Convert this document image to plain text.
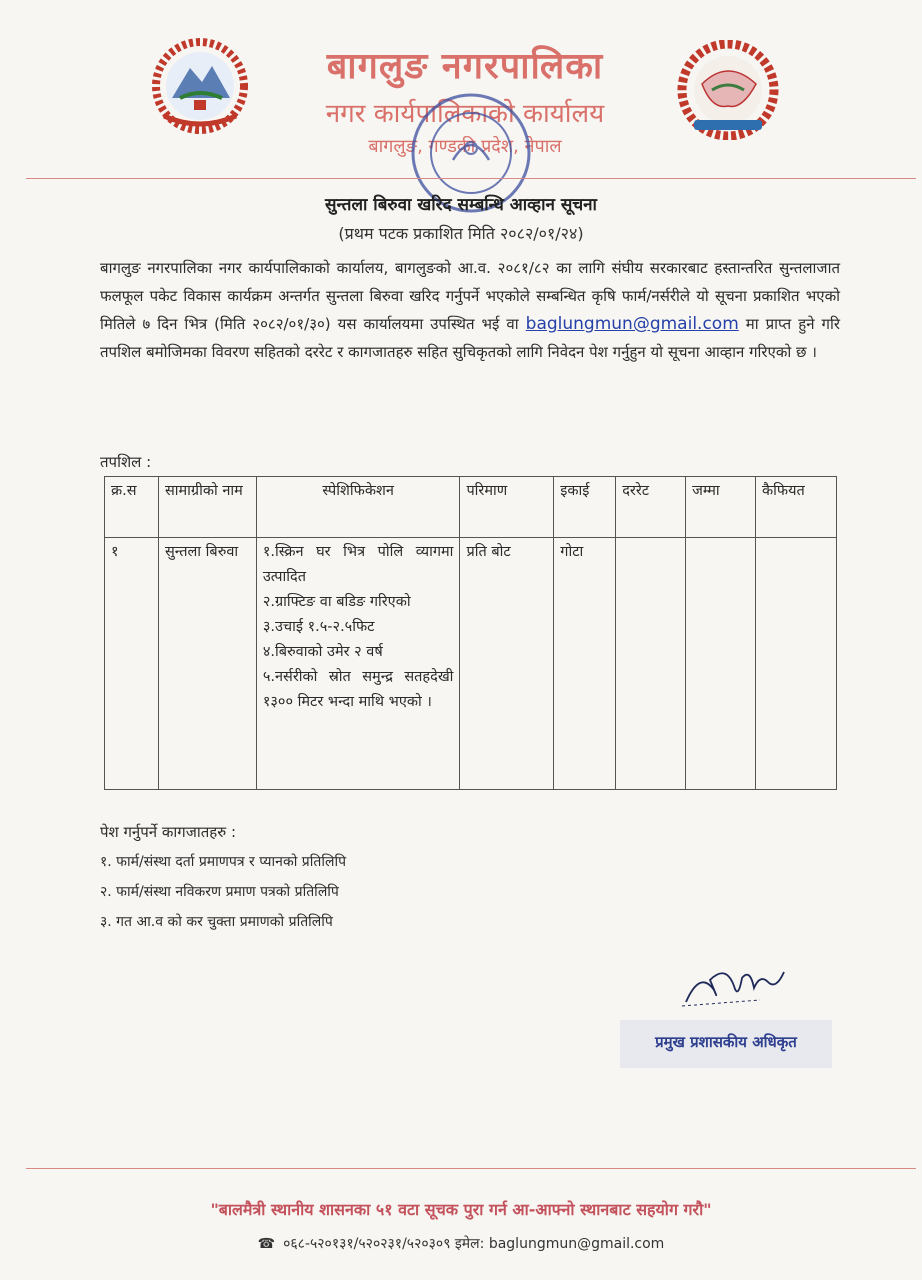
बागलुङ नगरपालिका
नगर कार्यपालिकाको कार्यालय
बागलुङ, गण्डकी प्रदेश, नेपाल
सुन्तला बिरुवा खरिद सम्बन्धि आव्हान सूचना
(प्रथम पटक प्रकाशित मिति २०८२/०१/२४)
बागलुङ नगरपालिका नगर कार्यपालिकाको कार्यालय, बागलुङको आ.व. २०८१/८२ का लागि संघीय सरकारबाट हस्तान्तरित सुन्तलाजात फलफूल पकेट विकास कार्यक्रम अन्तर्गत सुन्तला बिरुवा खरिद गर्नुपर्ने भएकोले सम्बन्धित कृषि फार्म/नर्सरीले यो सूचना प्रकाशित भएको मितिले ७ दिन भित्र (मिति २०८२/०१/३०) यस कार्यालयमा उपस्थित भई वा baglungmun@gmail.com मा प्राप्त हुने गरि तपशिल बमोजिमका विवरण सहितको दररेट र कागजातहरु सहित सुचिकृतको लागि निवेदन पेश गर्नुहुन यो सूचना आव्हान गरिएको छ ।
तपशिल :
क्र.स	सामाग्रीको नाम	स्पेशिफिकेशन	परिमाण	इकाई	दररेट	जम्मा	कैफियत
१	सुन्तला बिरुवा	१.स्क्रिन घर भित्र पोलि व्यागमा उत्पादित
२.ग्राफ्टिङ वा बडिङ गरिएको
३.उचाई १.५-२.५फिट
४.बिरुवाको उमेर २ वर्ष
५.नर्सरीको स्रोत समुन्द्र सतहदेखी १३०० मिटर भन्दा माथि भएको ।	प्रति बोट	गोटा			
पेश गर्नुपर्ने कागजातहरु :
१. फार्म/संस्था दर्ता प्रमाणपत्र र प्यानको प्रतिलिपि
२. फार्म/संस्था नविकरण प्रमाण पत्रको प्रतिलिपि
३. गत आ.व को कर चुक्ता प्रमाणको प्रतिलिपि
प्रमुख प्रशासकीय अधिकृत
"बालमैत्री स्थानीय शासनका ५१ वटा सूचक पुरा गर्न आ-आफ्नो स्थानबाट सहयोग गरौ"
☎ ०६८-५२०१३१/५२०२३१/५२०३०९ इमेल: baglungmun@gmail.com
